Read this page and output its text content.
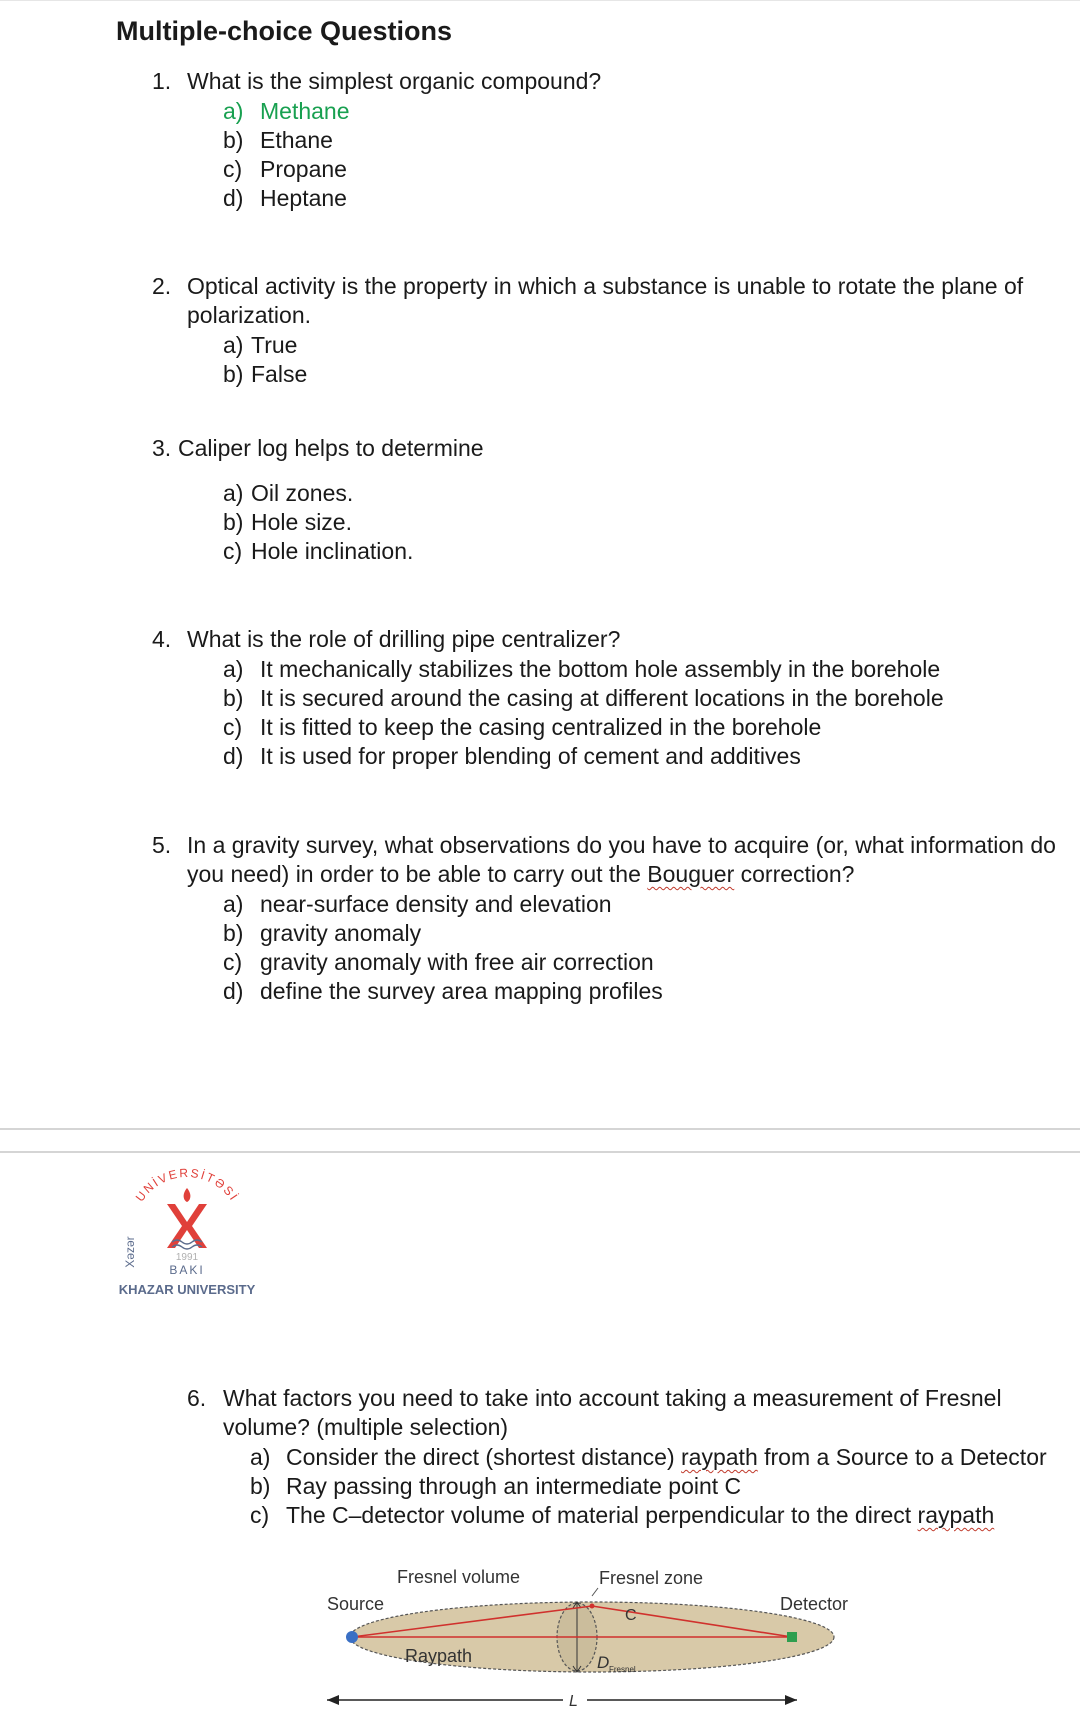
Multiple-choice Questions
1. What is the simplest organic compound?
a) Methane
b) Ethane
c) Propane
d) Heptane
2. Optical activity is the property in which a substance is unable to rotate the plane of polarization.
a) True
b) False
3. Caliper log helps to determine
a) Oil zones.
b) Hole size.
c) Hole inclination.
4. What is the role of drilling pipe centralizer?
a) It mechanically stabilizes the bottom hole assembly in the borehole
b) It is secured around the casing at different locations in the borehole
c) It is fitted to keep the casing centralized in the borehole
d) It is used for proper blending of cement and additives
5. In a gravity survey, what observations do you have to acquire (or, what information do you need) in order to be able to carry out the Bouguer correction?
a) near-surface density and elevation
b) gravity anomaly
c) gravity anomaly with free air correction
d) define the survey area mapping profiles
UNİVERSİTƏSİ
Xəzər	1991
BAKI
KHAZAR UNIVERSITY
6. What factors you need to take into account taking a measurement of Fresnel volume? (multiple selection)
a) Consider the direct (shortest distance) raypath from a Source to a Detector
b) Ray passing through an intermediate point C
c) The C–detector volume of material perpendicular to the direct raypath
Fresnel volume	Fresnel zone
Source	Detector
C
Raypath	D Fresnel
L
